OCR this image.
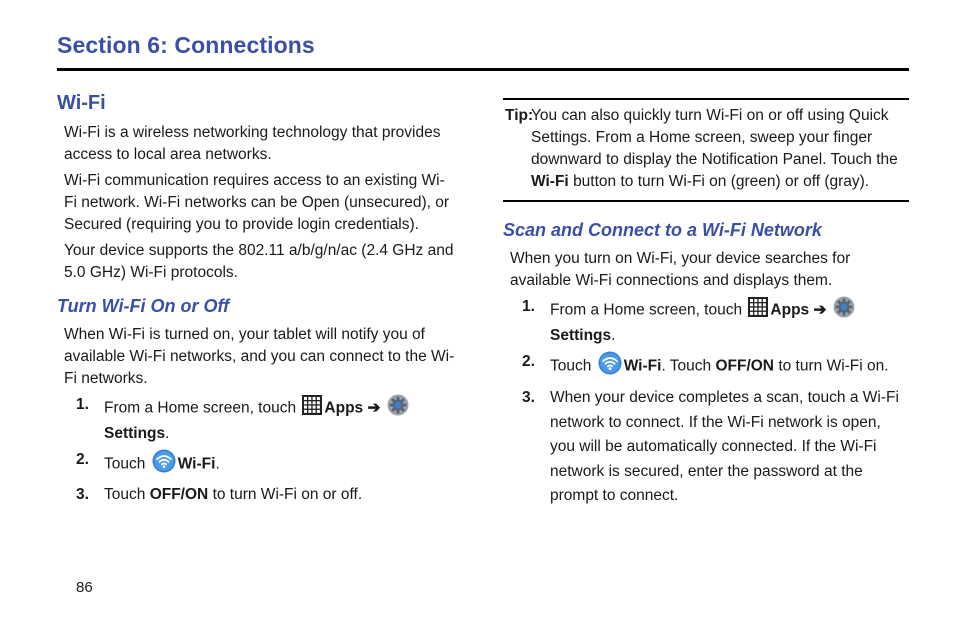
Section 6: Connections
Wi-Fi

Wi-Fi is a wireless networking technology that provides access to local area networks.

Wi-Fi communication requires access to an existing Wi-Fi network. Wi-Fi networks can be Open (unsecured), or Secured (requiring you to provide login credentials).

Your device supports the 802.11 a/b/g/n/ac (2.4 GHz and 5.0 GHz) Wi-Fi protocols.

Turn Wi-Fi On or Off

When Wi-Fi is turned on, your tablet will notify you of available Wi-Fi networks, and you can connect to the Wi-Fi networks.

1. From a Home screen, touch Apps ➔ Settings.
2. Touch Wi-Fi.
3. Touch OFF/ON to turn Wi-Fi on or off.
Tip:
You can also quickly turn Wi-Fi on or off using Quick Settings. From a Home screen, sweep your finger downward to display the Notification Panel. Touch the Wi-Fi button to turn Wi-Fi on (green) or off (gray).
Scan and Connect to a Wi-Fi Network

When you turn on Wi-Fi, your device searches for available Wi-Fi connections and displays them.

1. From a Home screen, touch Apps ➔ Settings.
2. Touch Wi-Fi. Touch OFF/ON to turn Wi-Fi on.
3. When your device completes a scan, touch a Wi-Fi network to connect. If the Wi-Fi network is open, you will be automatically connected. If the Wi-Fi network is secured, enter the password at the prompt to connect.
86
